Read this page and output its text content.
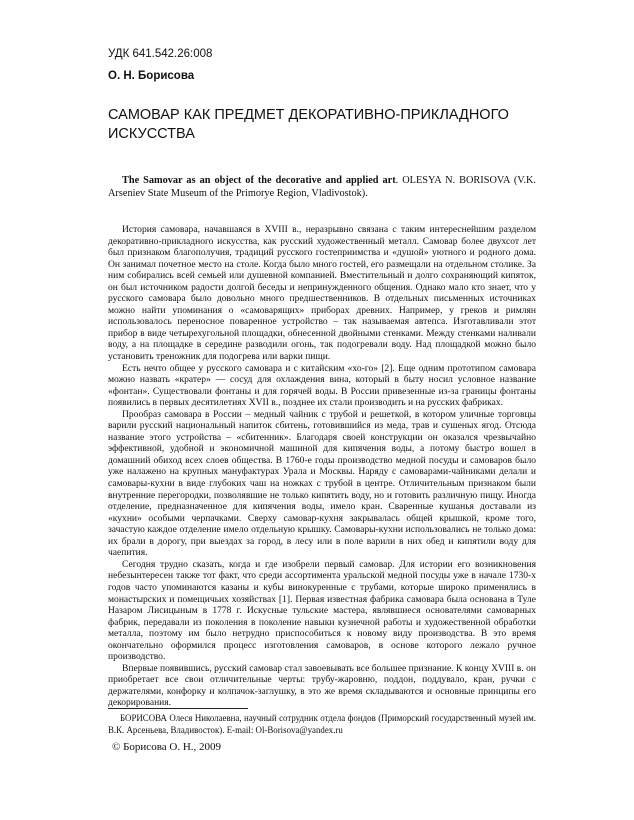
УДК 641.542.26:008
О. Н. Борисова
САМОВАР КАК ПРЕДМЕТ ДЕКОРАТИВНО-ПРИКЛАДНОГО ИСКУССТВА
The Samovar as an object of the decorative and applied art. OLESYA N. BORISOVA (V.K. Arseniev State Museum of the Primorye Region, Vladivostok).

История самовара, начавшаяся в XVIII в., неразрывно связана с таким интереснейшим разделом декоративно-прикладного искусства, как русский художественный металл. Самовар более двухсот лет был признаком благополучия, традиций русского гостеприимства и «душой» уютного и родного дома. Он занимал почетное место на столе. Когда было много гостей, его размещали на отдельном столике. За ним собирались всей семьей или душевной компанией. Вместительный и долго сохраняющий кипяток, он был источником радости долгой беседы и непринужденного общения. Однако мало кто знает, что у русского самовара было довольно много предшественников. В отдельных письменных источниках можно найти упоминания о «самоварящих» приборах древних. Например, у греков и римлян использовалось переносное поваренное устройство – так называемая автепса. Изготавливали этот прибор в виде четырехугольной площадки, обнесенной двойными стенками. Между стенками наливали воду, а на площадке в середине разводили огонь, так подогревали воду. Над площадкой можно было установить треножник для подогрева или варки пищи.

Есть нечто общее у русского самовара и с китайским «хо-го» [2]. Еще одним прототипом самовара можно назвать «кратер» — сосуд для охлаждения вина, который в быту носил условное название «фонтан». Существовали фонтаны и для горячей воды. В России привезенные из-за границы фонтаны появились в первых десятилетиях XVII в., позднее их стали производить и на русских фабриках.

Прообраз самовара в России – медный чайник с трубой и решеткой, в котором уличные торговцы варили русский национальный напиток сбитень, готовившийся из меда, трав и сушеных ягод. Отсюда название этого устройства – «сбитенник». Благодаря своей конструкции он оказался чрезвычайно эффективной, удобной и экономичной машиной для кипячения воды, а потому быстро вошел в домашний обиход всех слоев общества. В 1760-е годы производство медной посуды и самоваров было уже налажено на крупных мануфактурах Урала и Москвы. Наряду с самоварами-чайниками делали и самовары-кухни в виде глубоких чаш на ножках с трубой в центре. Отличительным признаком были внутренние перегородки, позволявшие не только кипятить воду, но и готовить различную пищу. Иногда отделение, предназначенное для кипячения воды, имело кран. Сваренные кушанья доставали из «кухни» особыми черпачками. Сверху самовар-кухня закрывалась общей крышкой, кроме того, зачастую каждое отделение имело отдельную крышку. Самовары-кухни использовались не только дома: их брали в дорогу, при выездах за город, в лесу или в поле варили в них обед и кипятили воду для чаепития.

Сегодня трудно сказать, когда и где изобрели первый самовар. Для истории его возникновения небезынтересен также тот факт, что среди ассортимента уральской медной посуды уже в начале 1730-х годов часто упоминаются казаны и кубы винокуренные с трубами, которые широко применялись в монастырских и помещичьих хозяйствах [1]. Первая известная фабрика самовара была основана в Туле Назаром Лисицыным в 1778 г. Искусные тульские мастера, являвшиеся основателями самоварных фабрик, передавали из поколения в поколение навыки кузнечной работы и художественной обработки металла, поэтому им было нетрудно приспособиться к новому виду производства. В это время окончательно оформился процесс изготовления самоваров, в основе которого лежало ручное производство.

Впервые появившись, русский самовар стал завоевывать все большее признание. К концу XVIII в. он приобретает все свои отличительные черты: трубу-жаровню, поддон, поддувало, кран, ручки с держателями, конфорку и колпачок-заглушку, в это же время складываются и основные принципы его декорирования.

БОРИСОВА Олеся Николаевна, научный сотрудник отдела фондов (Приморский государственный музей им. В.К. Арсеньева, Владивосток). E-mail: Ol-Borisova@yandex.ru

© Борисова О. Н., 2009
